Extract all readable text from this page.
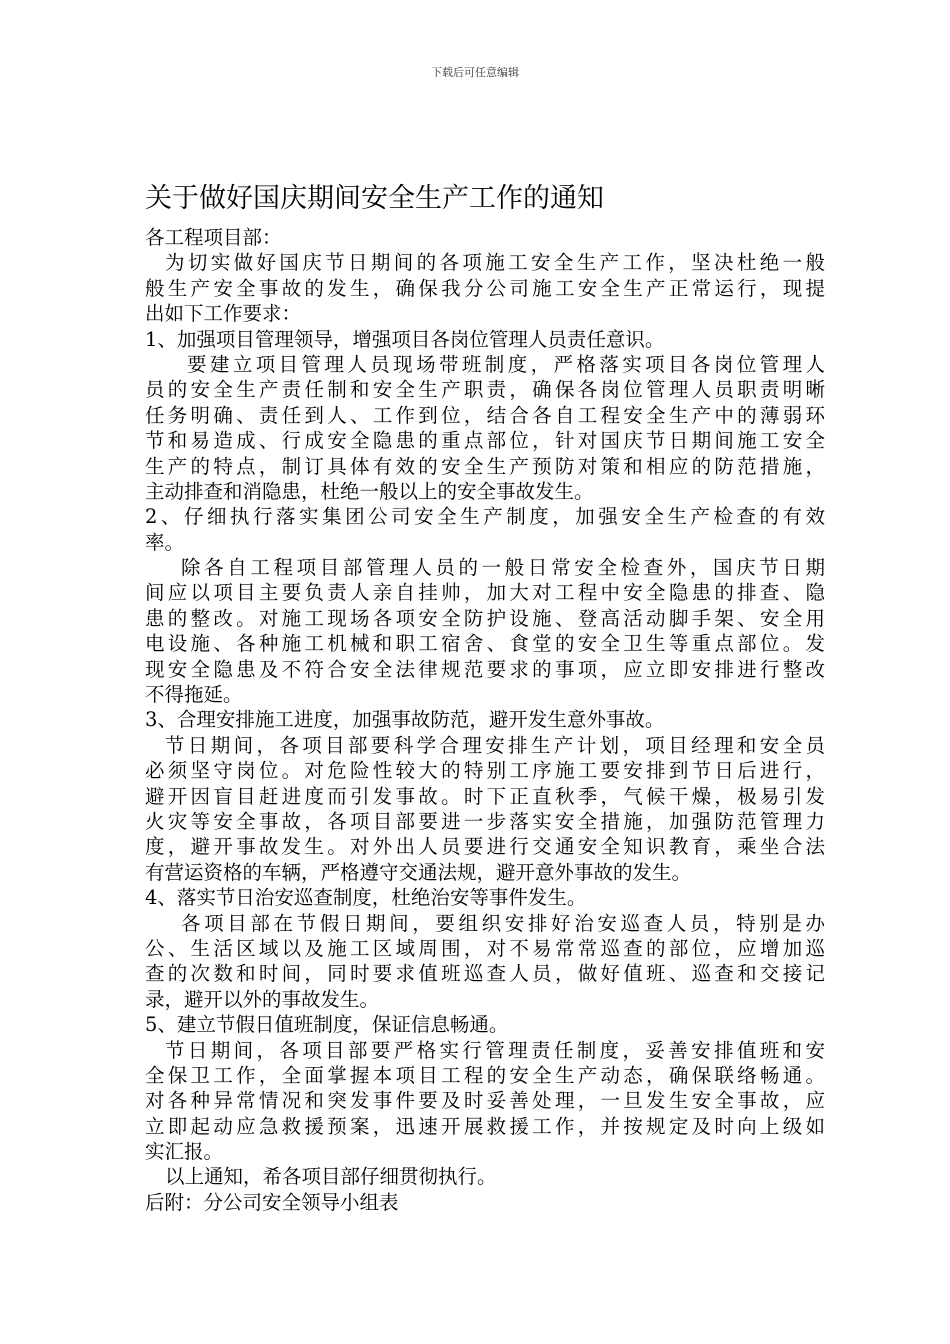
下载后可任意编辑
关于做好国庆期间安全生产工作的通知
各工程项目部：
为切实做好国庆节日期间的各项施工安全生产工作，坚决杜绝一般
般生产安全事故的发生，确保我分公司施工安全生产正常运行，现提
出如下工作要求：
1、加强项目管理领导，增强项目各岗位管理人员责任意识。
要建立项目管理人员现场带班制度，严格落实项目各岗位管理人
员的安全生产责任制和安全生产职责，确保各岗位管理人员职责明晰
任务明确、责任到人、工作到位，结合各自工程安全生产中的薄弱环
节和易造成、行成安全隐患的重点部位，针对国庆节日期间施工安全
生产的特点，制订具体有效的安全生产预防对策和相应的防范措施，
主动排查和消隐患，杜绝一般以上的安全事故发生。
2、仔细执行落实集团公司安全生产制度，加强安全生产检查的有效
率。
除各自工程项目部管理人员的一般日常安全检查外，国庆节日期
间应以项目主要负责人亲自挂帅，加大对工程中安全隐患的排查、隐
患的整改。对施工现场各项安全防护设施、登高活动脚手架、安全用
电设施、各种施工机械和职工宿舍、食堂的安全卫生等重点部位。发
现安全隐患及不符合安全法律规范要求的事项，应立即安排进行整改
不得拖延。
3、合理安排施工进度，加强事故防范，避开发生意外事故。
节日期间，各项目部要科学合理安排生产计划，项目经理和安全员
必须坚守岗位。对危险性较大的特别工序施工要安排到节日后进行，
避开因盲目赶进度而引发事故。时下正直秋季，气候干燥，极易引发
火灾等安全事故，各项目部要进一步落实安全措施，加强防范管理力
度，避开事故发生。对外出人员要进行交通安全知识教育，乘坐合法
有营运资格的车辆，严格遵守交通法规，避开意外事故的发生。
4、落实节日治安巡查制度，杜绝治安等事件发生。
各项目部在节假日期间，要组织安排好治安巡查人员，特别是办
公、生活区域以及施工区域周围，对不易常常巡查的部位，应增加巡
查的次数和时间，同时要求值班巡查人员，做好值班、巡查和交接记
录，避开以外的事故发生。
5、建立节假日值班制度，保证信息畅通。
节日期间，各项目部要严格实行管理责任制度，妥善安排值班和安
全保卫工作，全面掌握本项目工程的安全生产动态，确保联络畅通。
对各种异常情况和突发事件要及时妥善处理，一旦发生安全事故，应
立即起动应急救援预案，迅速开展救援工作，并按规定及时向上级如
实汇报。
以上通知，希各项目部仔细贯彻执行。
后附：分公司安全领导小组表
